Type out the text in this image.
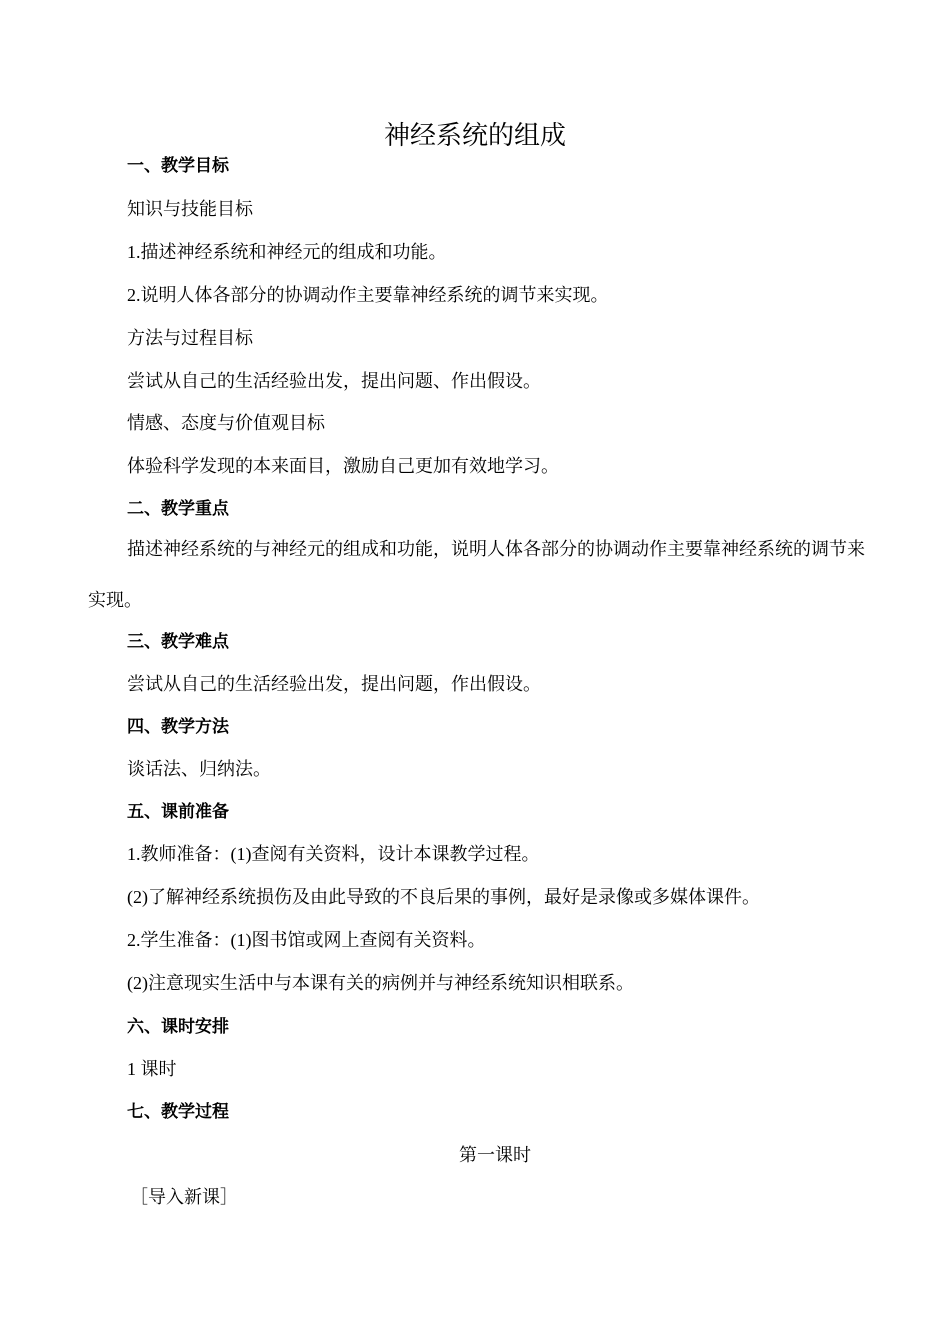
神经系统的组成

一、教学目标

知识与技能目标

1.描述神经系统和神经元的组成和功能。

2.说明人体各部分的协调动作主要靠神经系统的调节来实现。

方法与过程目标

尝试从自己的生活经验出发，提出问题、作出假设。

情感、态度与价值观目标

体验科学发现的本来面目，激励自己更加有效地学习。

二、教学重点

描述神经系统的与神经元的组成和功能，说明人体各部分的协调动作主要靠神经系统的调节来实现。

三、教学难点

尝试从自己的生活经验出发，提出问题，作出假设。

四、教学方法

谈话法、归纳法。

五、课前准备

1.教师准备：(1)查阅有关资料，设计本课教学过程。

(2)了解神经系统损伤及由此导致的不良后果的事例，最好是录像或多媒体课件。

2.学生准备：(1)图书馆或网上查阅有关资料。

(2)注意现实生活中与本课有关的病例并与神经系统知识相联系。

六、课时安排

1 课时

七、教学过程

第一课时

［导入新课］
